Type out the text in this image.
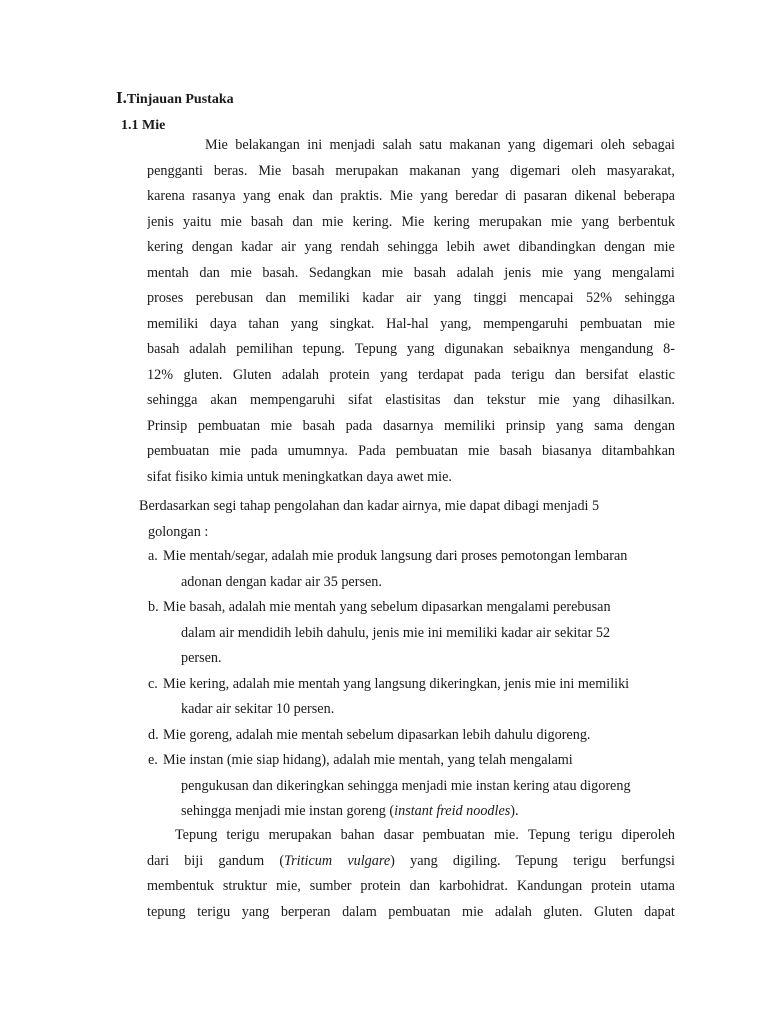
I.Tinjauan Pustaka
1.1 Mie
Mie belakangan ini menjadi salah satu makanan yang digemari oleh sebagai
pengganti beras. Mie basah merupakan makanan yang digemari oleh masyarakat,
karena rasanya yang enak dan praktis. Mie yang beredar di pasaran dikenal beberapa
jenis yaitu mie basah dan mie kering. Mie kering merupakan mie yang berbentuk
kering dengan kadar air yang rendah sehingga lebih awet dibandingkan dengan mie
mentah dan mie basah. Sedangkan mie basah adalah jenis mie yang mengalami
proses perebusan dan memiliki kadar air yang tinggi mencapai 52% sehingga
memiliki daya tahan yang singkat. Hal-hal yang, mempengaruhi pembuatan mie
basah adalah pemilihan tepung. Tepung yang digunakan sebaiknya mengandung 8-
12% gluten. Gluten adalah protein yang terdapat pada terigu dan bersifat elastic
sehingga akan mempengaruhi sifat elastisitas dan tekstur mie yang dihasilkan.
Prinsip pembuatan mie basah pada dasarnya memiliki prinsip yang sama dengan
pembuatan mie pada umumnya. Pada pembuatan mie basah biasanya ditambahkan
sifat fisiko kimia untuk meningkatkan daya awet mie.
Berdasarkan segi tahap pengolahan dan kadar airnya, mie dapat dibagi menjadi 5
golongan :
a. Mie mentah/segar, adalah mie produk langsung dari proses pemotongan lembaran
adonan dengan kadar air 35 persen.
b. Mie basah, adalah mie mentah yang sebelum dipasarkan mengalami perebusan
dalam air mendidih lebih dahulu, jenis mie ini memiliki kadar air sekitar 52
persen.
c. Mie kering, adalah mie mentah yang langsung dikeringkan, jenis mie ini memiliki
kadar air sekitar 10 persen.
d. Mie goreng, adalah mie mentah sebelum dipasarkan lebih dahulu digoreng.
e. Mie instan (mie siap hidang), adalah mie mentah, yang telah mengalami
pengukusan dan dikeringkan sehingga menjadi mie instan kering atau digoreng
sehingga menjadi mie instan goreng (instant freid noodles).
Tepung terigu merupakan bahan dasar pembuatan mie. Tepung terigu diperoleh
dari biji gandum (Triticum vulgare) yang digiling. Tepung terigu berfungsi
membentuk struktur mie, sumber protein dan karbohidrat. Kandungan protein utama
tepung terigu yang berperan dalam pembuatan mie adalah gluten. Gluten dapat
